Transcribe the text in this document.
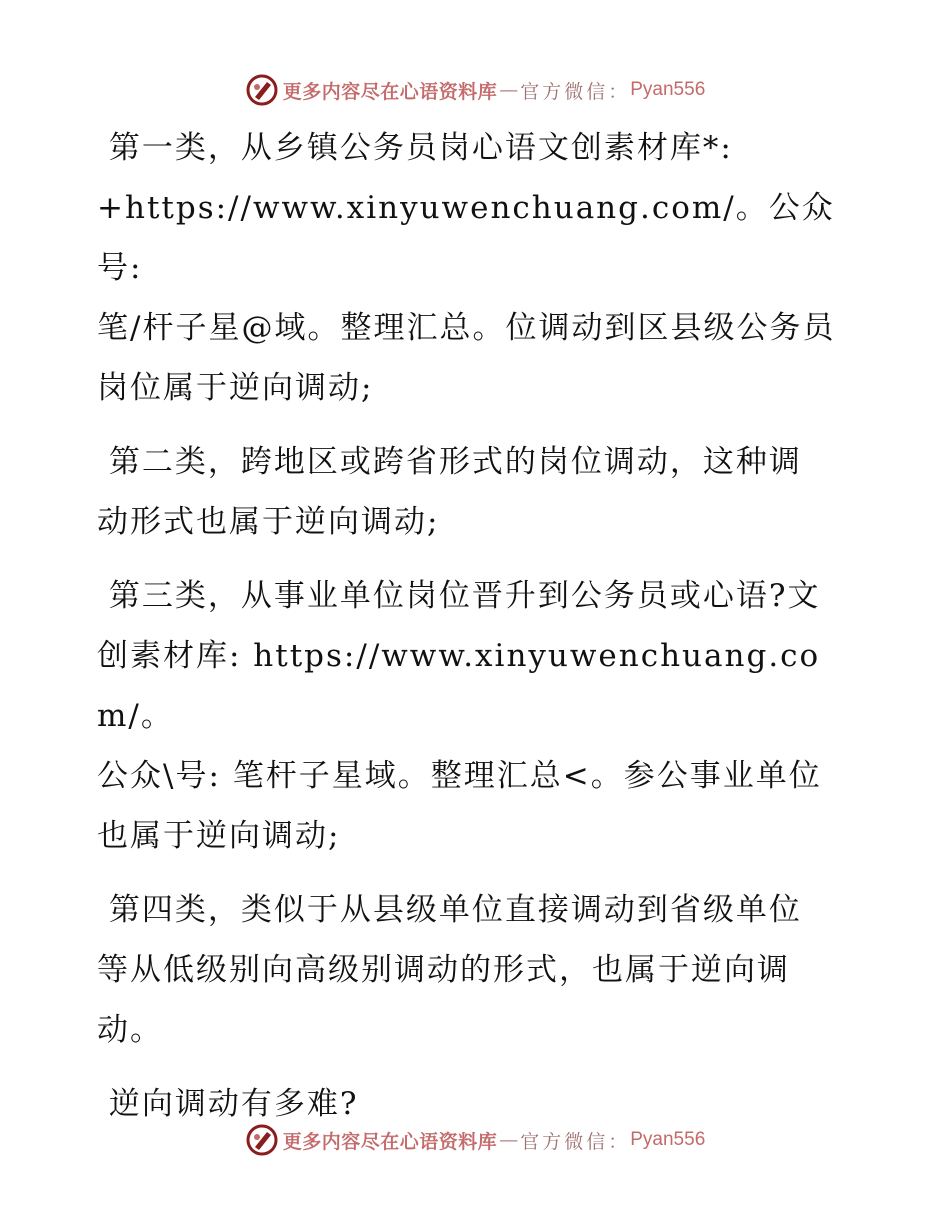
更多内容尽在心语资料库 — 官方微信： Pyan556

第一类，从乡镇公务员岗心语文创素材库*:
+https://www.xinyuwenchuang.com/。公众号:
笔/杆子星@域。整理汇总。位调动到区县级公务员
岗位属于逆向调动;

第二类，跨地区或跨省形式的岗位调动，这种调
动形式也属于逆向调动;

第三类，从事业单位岗位晋升到公务员或心语?文
创素材库: https://www.xinyuwenchuang.com/。
公众\号: 笔杆子星域。整理汇总<。参公事业单位
也属于逆向调动;

第四类，类似于从县级单位直接调动到省级单位
等从低级别向高级别调动的形式，也属于逆向调
动。

逆向调动有多难?

更多内容尽在心语资料库 — 官方微信： Pyan556
